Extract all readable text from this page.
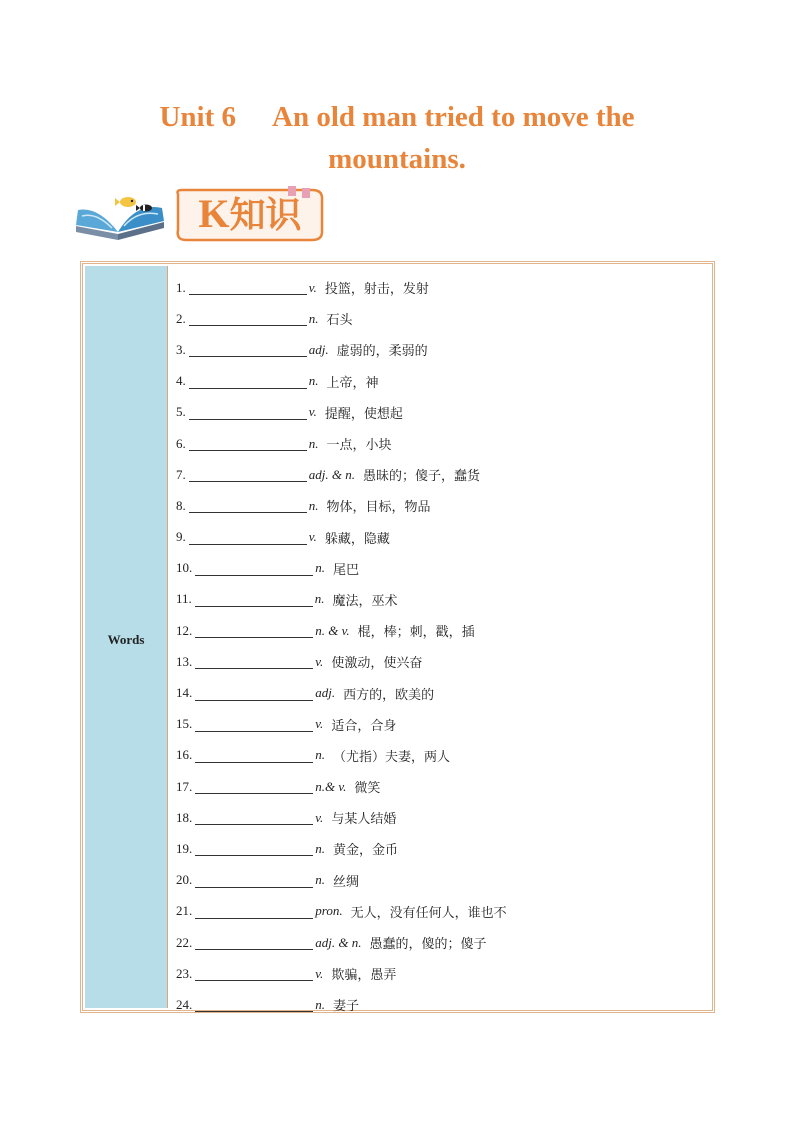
Unit 6 An old man tried to move the
mountains.
K知识
Words
1.	v. 投篮，射击，发射
2.	n. 石头
3.	adj. 虚弱的，柔弱的
4.	n. 上帝，神
5.	v. 提醒，使想起
6.	n. 一点，小块
7.	adj. & n. 愚昧的；傻子，蠢货
8.	n. 物体，目标，物品
9.	v. 躲藏，隐藏
10.	n. 尾巴
11.	n. 魔法，巫术
12.	n. & v. 棍，棒；刺，戳，插
13.	v. 使激动，使兴奋
14.	adj. 西方的，欧美的
15.	v. 适合，合身
16.	n. （尤指）夫妻，两人
17.	n.& v. 微笑
18.	v. 与某人结婚
19.	n. 黄金，金币
20.	n. 丝绸
21.	pron. 无人，没有任何人，谁也不
22.	adj. & n. 愚蠢的，傻的；傻子
23.	v. 欺骗，愚弄
24.	n. 妻子
